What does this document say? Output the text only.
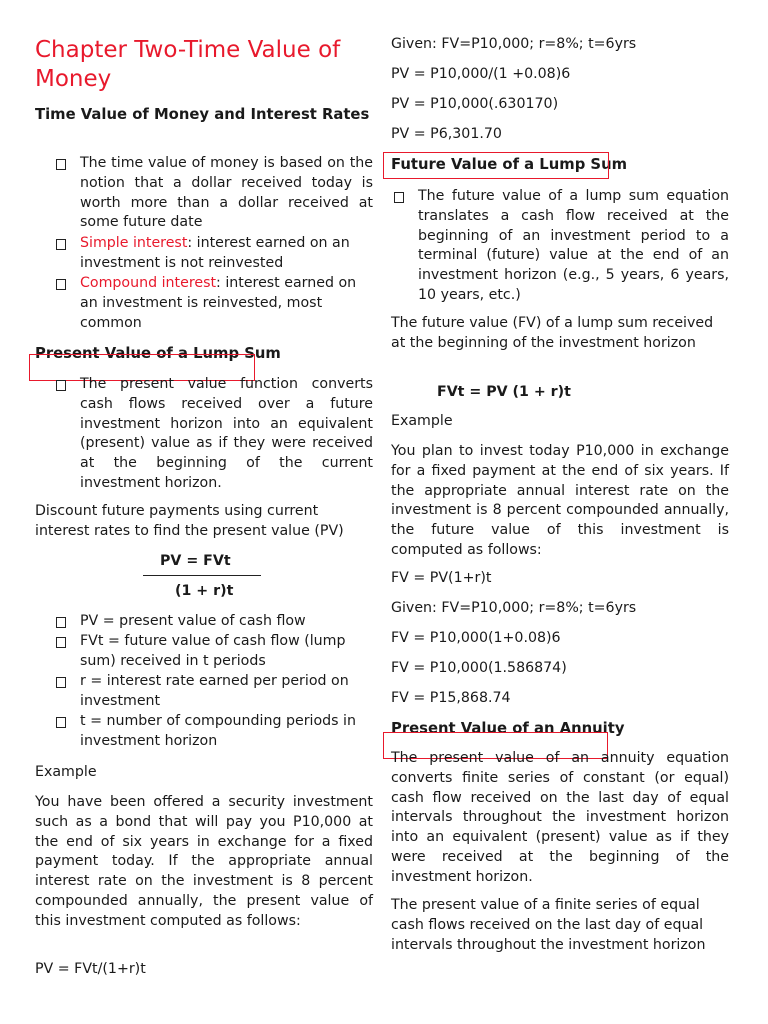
Chapter Two-Time Value of Money
Time Value of Money and Interest Rates

The time value of money is based on the notion that a dollar received today is worth more than a dollar received at some future date

Simple interest: interest earned on an investment is not reinvested

Compound interest: interest earned on an investment is reinvested, most common

Present Value of a Lump Sum

The present value function converts cash flows received over a future investment horizon into an equivalent (present) value as if they were received at the beginning of the current investment horizon.

Discount future payments using current interest rates to find the present value (PV)

PV = FVt
(1 + r)t

PV = present value of cash flow

FVt = future value of cash flow (lump sum) received in t periods

r = interest rate earned per period on investment

t = number of compounding periods in investment horizon

Example

You have been offered a security investment such as a bond that will pay you P10,000 at the end of six years in exchange for a fixed payment today. If the appropriate annual interest rate on the investment is 8 percent compounded annually, the present value of this investment computed as follows:

PV = FVt/(1+r)t

Given: FV=P10,000; r=8%; t=6yrs

PV = P10,000/(1 +0.08)6

PV = P10,000(.630170)

PV = P6,301.70

Future Value of a Lump Sum

The future value of a lump sum equation translates a cash flow received at the beginning of an investment period to a terminal (future) value at the end of an investment horizon (e.g., 5 years, 6 years, 10 years, etc.)

The future value (FV) of a lump sum received at the beginning of the investment horizon

FVt = PV (1 + r)t

Example

You plan to invest today P10,000 in exchange for a fixed payment at the end of six years. If the appropriate annual interest rate on the investment is 8 percent compounded annually, the future value of this investment is computed as follows:

FV = PV(1+r)t

Given: FV=P10,000; r=8%; t=6yrs

FV = P10,000(1+0.08)6

FV = P10,000(1.586874)

FV = P15,868.74

Present Value of an Annuity

The present value of an annuity equation converts finite series of constant (or equal) cash flow received on the last day of equal intervals throughout the investment horizon into an equivalent (present) value as if they were received at the beginning of the investment horizon.

The present value of a finite series of equal cash flows received on the last day of equal intervals throughout the investment horizon
